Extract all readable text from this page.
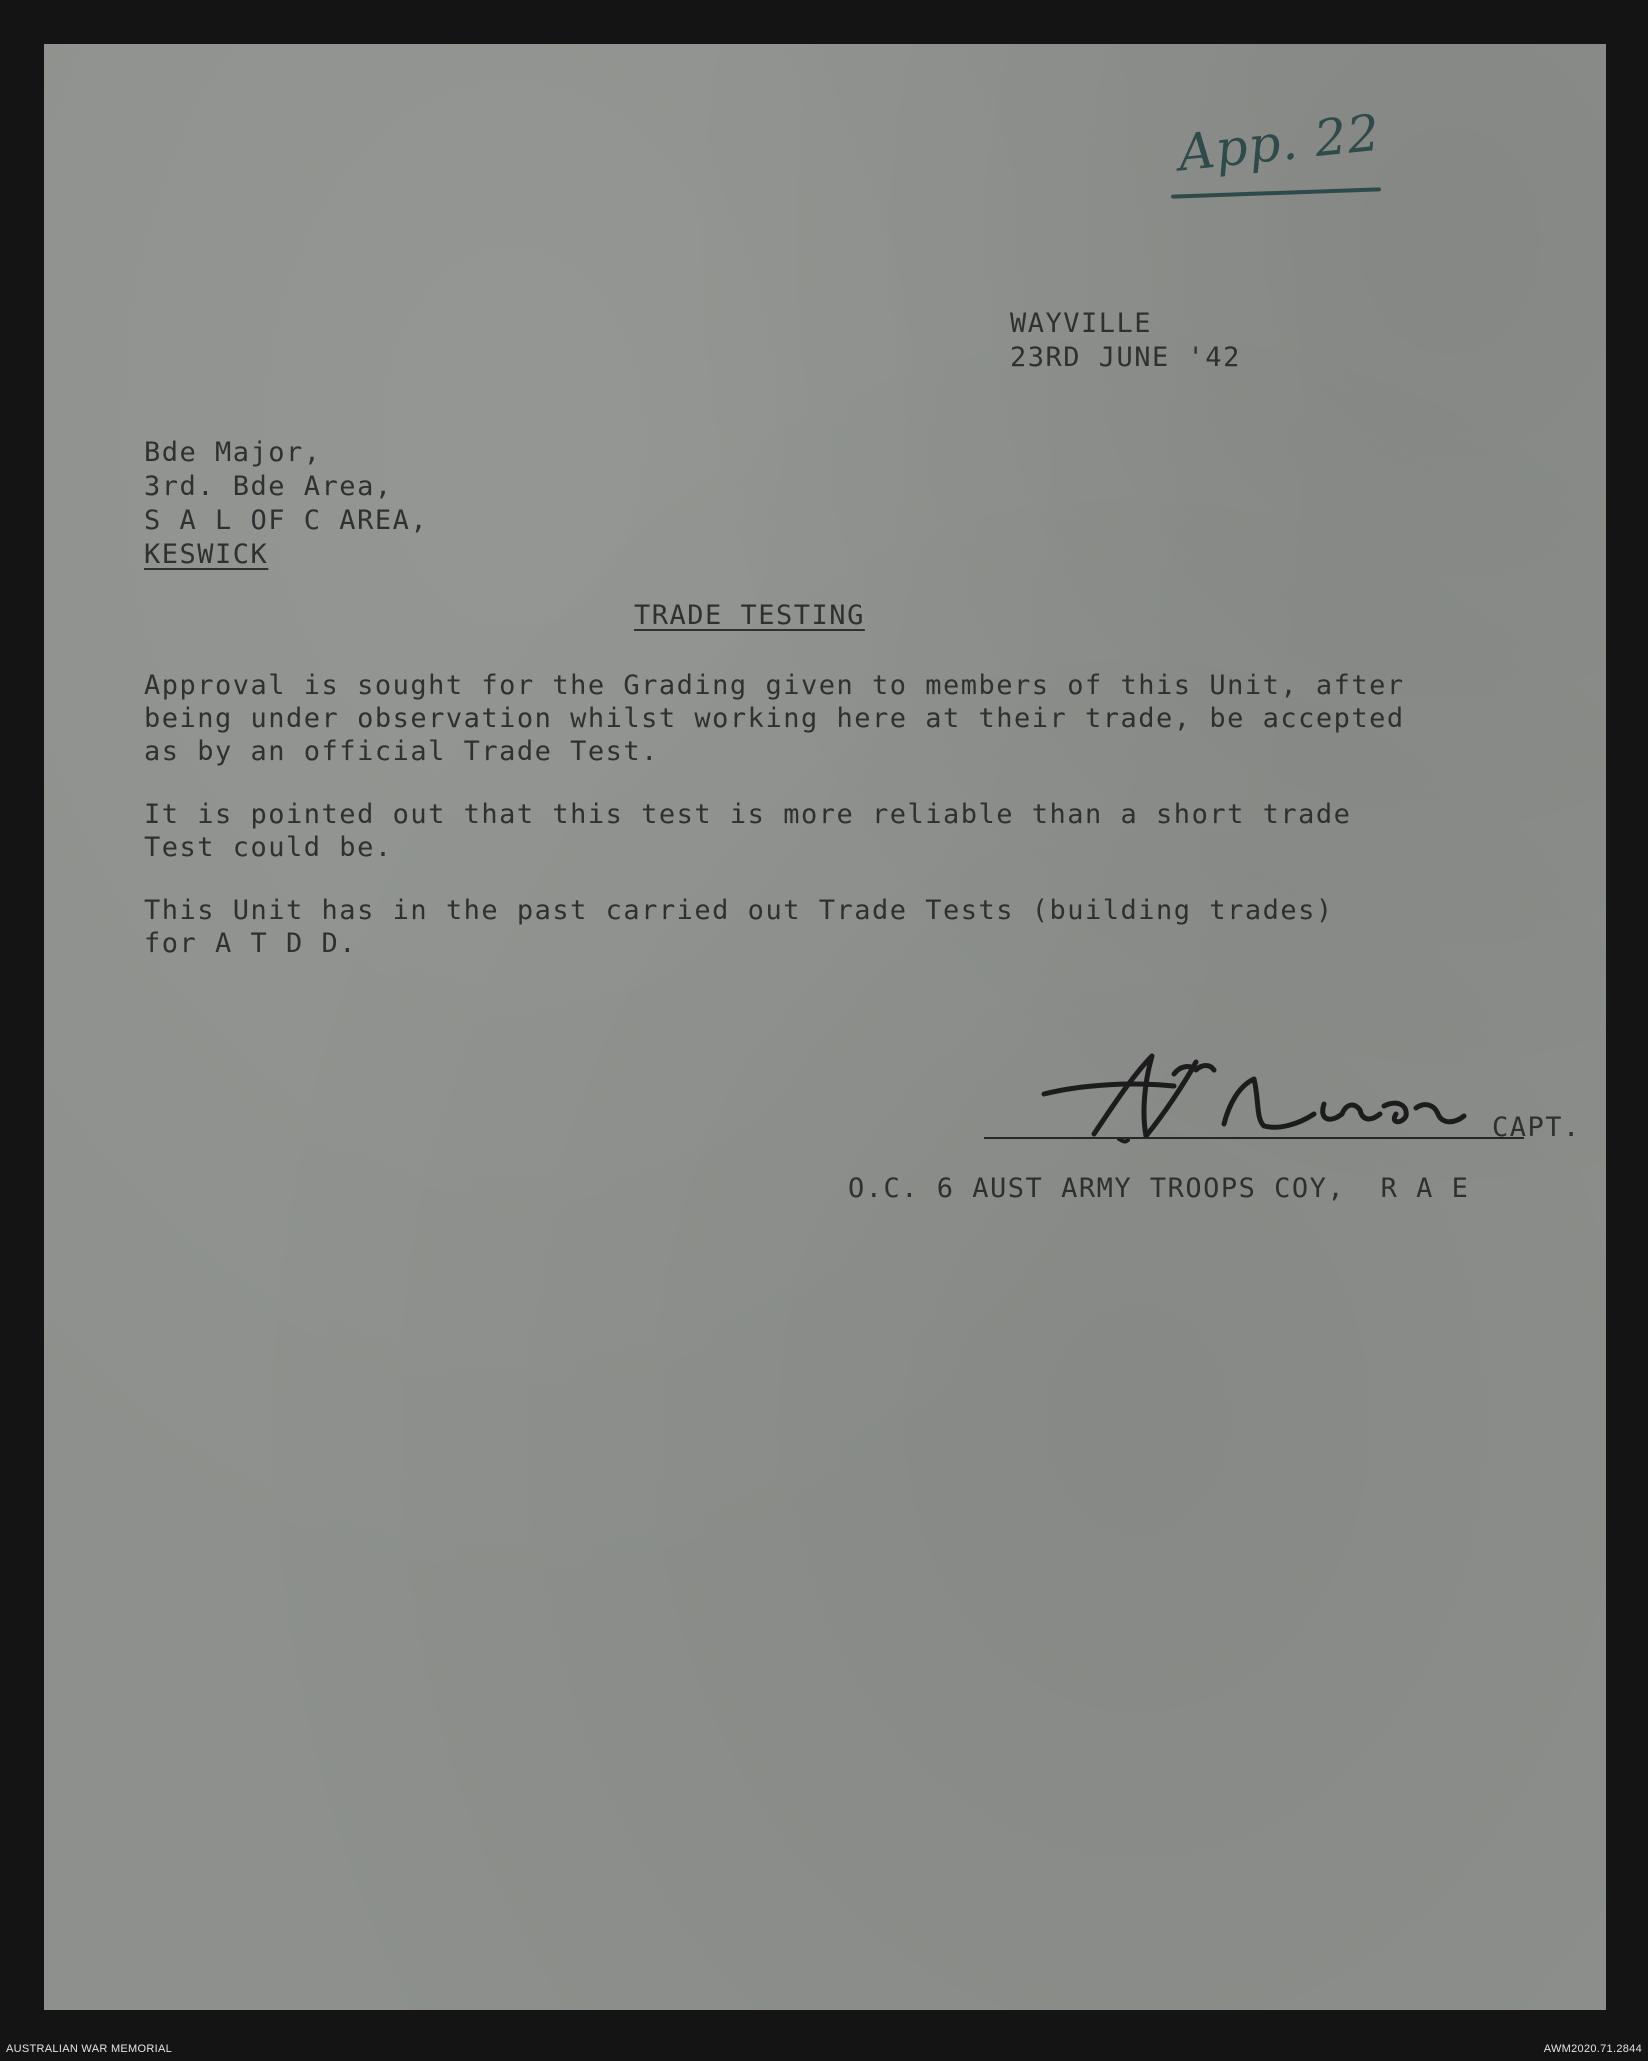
App. 22
WAYVILLE
23RD JUNE '42
Bde Major,
3rd. Bde Area,
S A L OF C AREA,
KESWICK
TRADE TESTING
Approval is sought for the Grading given to members of this Unit, after
being under observation whilst working here at their trade, be accepted
as by an official Trade Test.
It is pointed out that this test is more reliable than a short trade
Test could be.
This Unit has in the past carried out Trade Tests (building trades)
for A T D D.
CAPT.
O.C. 6 AUST ARMY TROOPS COY,  R A E
AUSTRALIAN WAR MEMORIAL	AWM2020.71.2844
